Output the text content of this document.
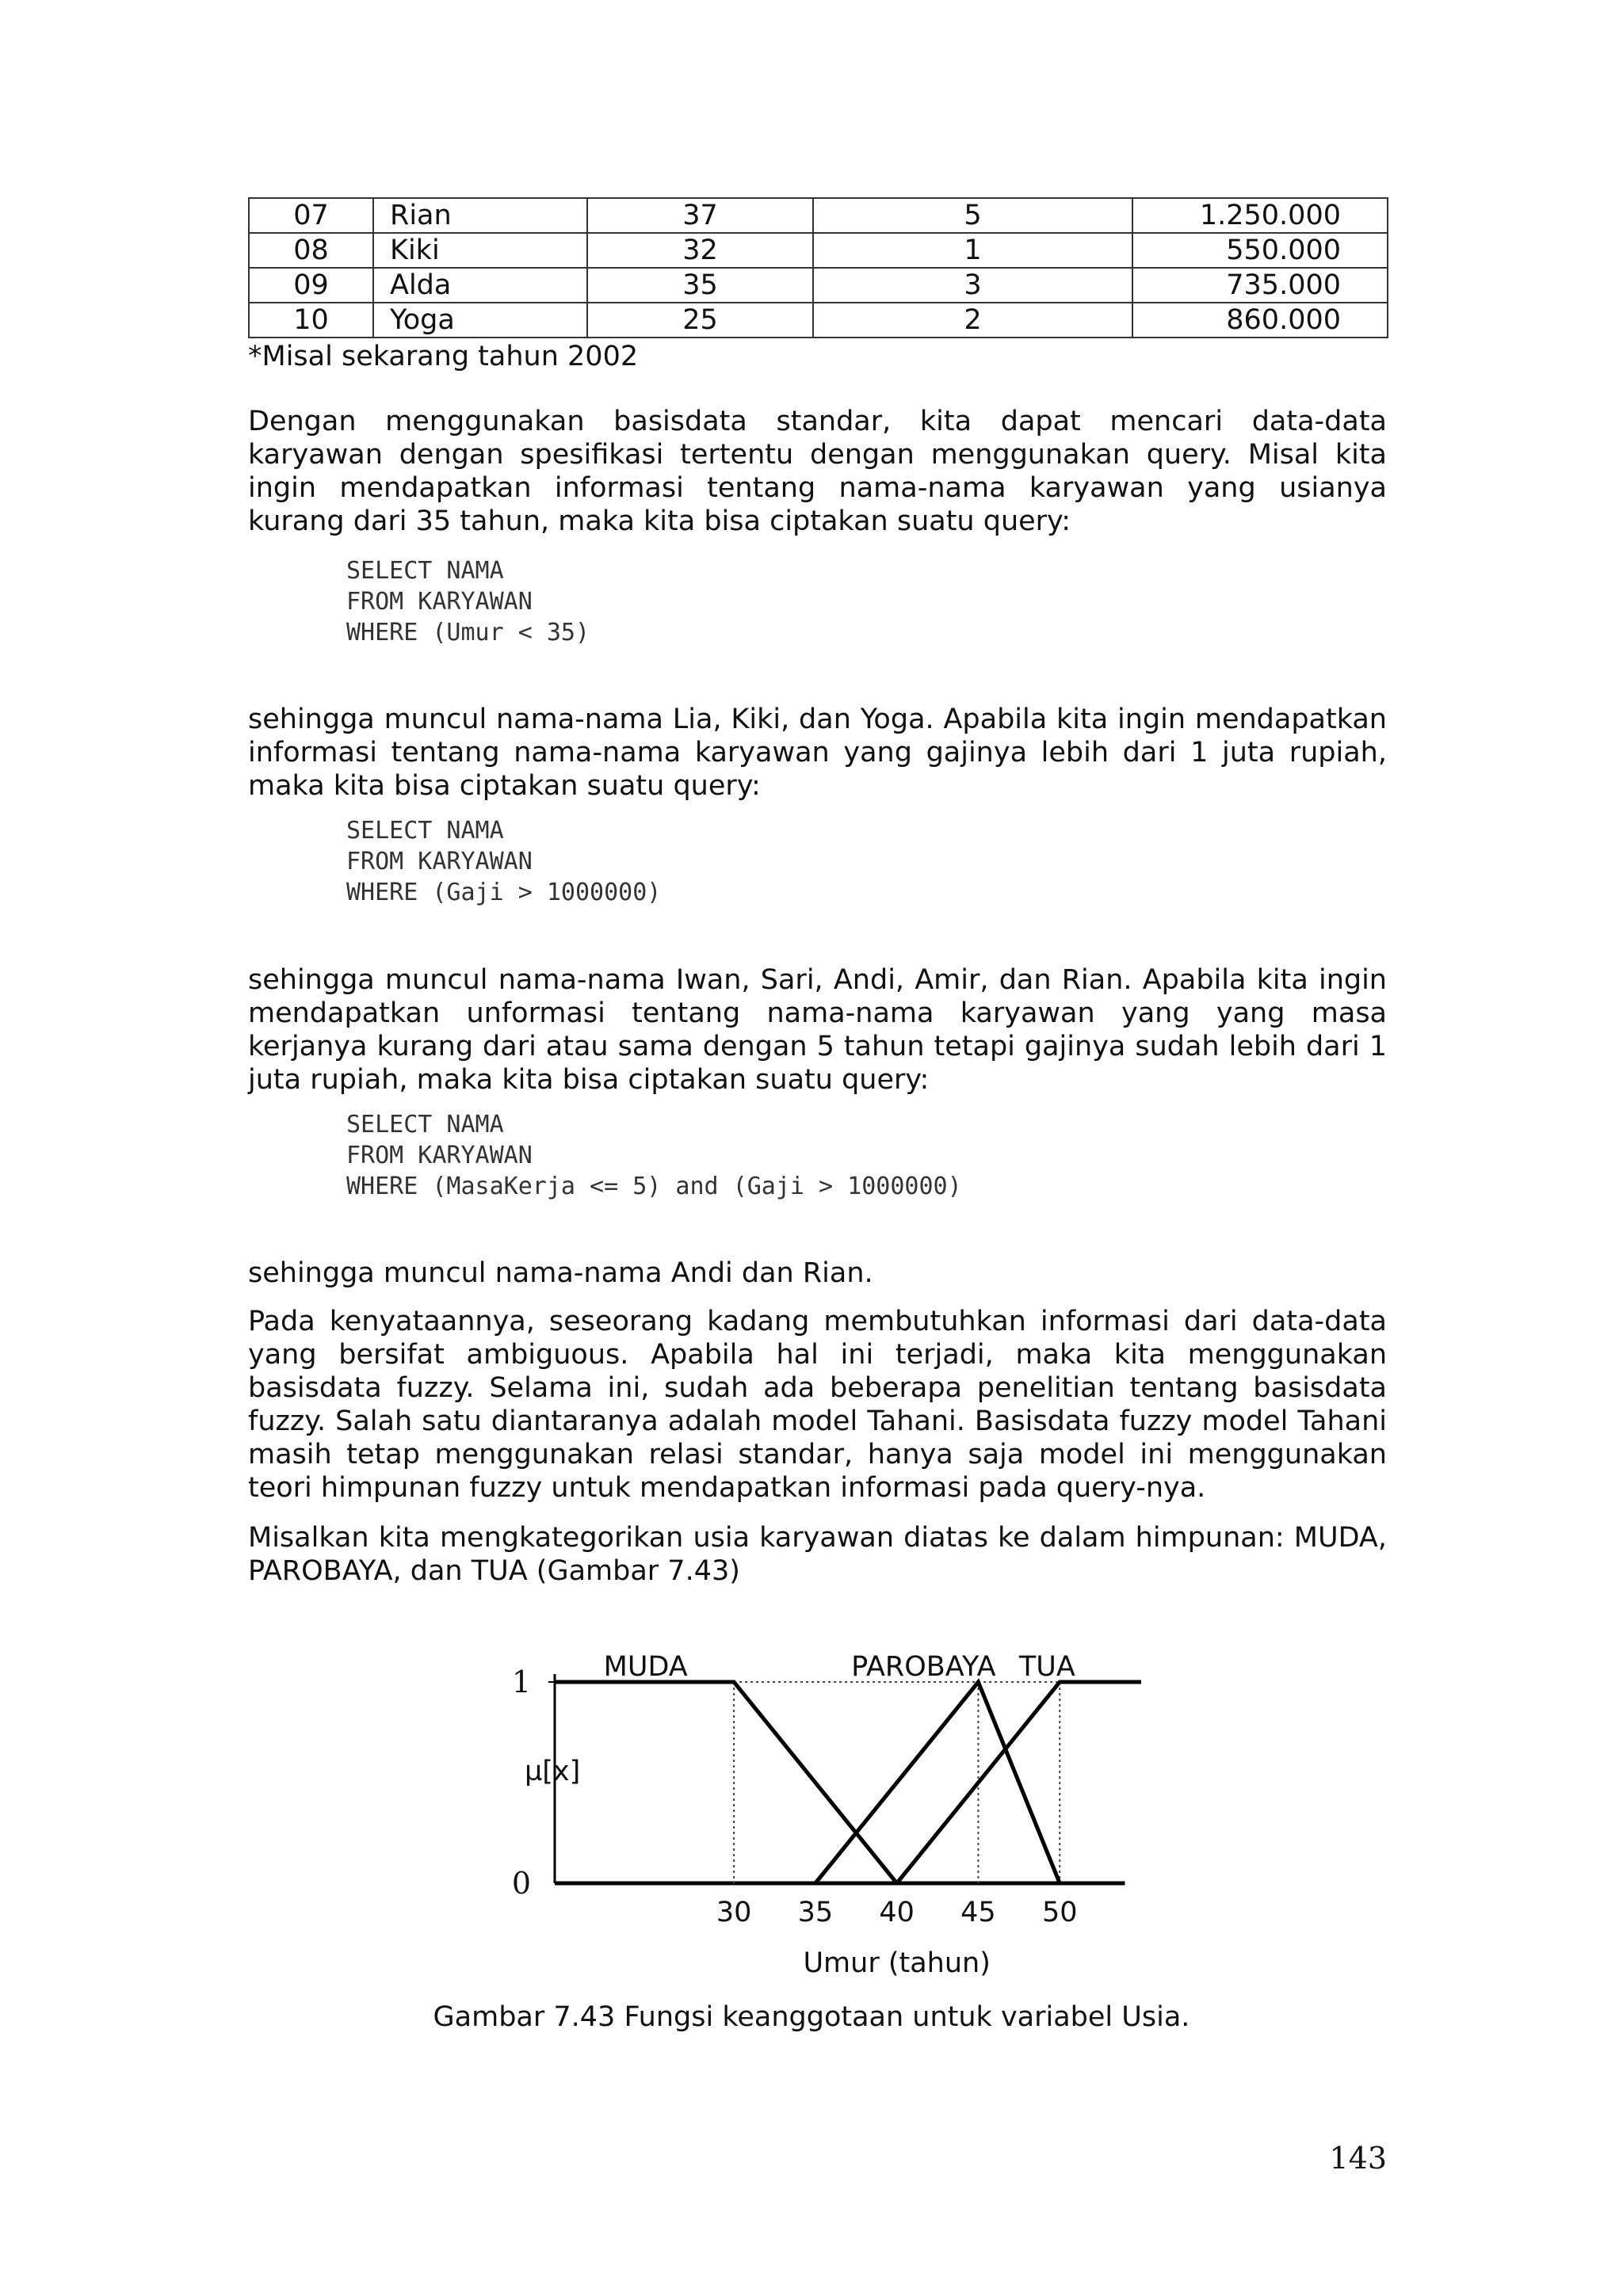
07	Rian	37	5	1.250.000
08	Kiki	32	1	550.000
09	Alda	35	3	735.000
10	Yoga	25	2	860.000

*Misal sekarang tahun 2002

Dengan menggunakan basisdata standar, kita dapat mencari data-data karyawan dengan spesifikasi tertentu dengan menggunakan query. Misal kita ingin mendapatkan informasi tentang nama-nama karyawan yang usianya kurang dari 35 tahun, maka kita bisa ciptakan suatu query:

SELECT NAMA
FROM KARYAWAN
WHERE (Umur < 35)

sehingga muncul nama-nama Lia, Kiki, dan Yoga. Apabila kita ingin mendapatkan informasi tentang nama-nama karyawan yang gajinya lebih dari 1 juta rupiah, maka kita bisa ciptakan suatu query:

SELECT NAMA
FROM KARYAWAN
WHERE (Gaji > 1000000)

sehingga muncul nama-nama Iwan, Sari, Andi, Amir, dan Rian. Apabila kita ingin mendapatkan unformasi tentang nama-nama karyawan yang yang masa kerjanya kurang dari atau sama dengan 5 tahun tetapi gajinya sudah lebih dari 1 juta rupiah, maka kita bisa ciptakan suatu query:

SELECT NAMA
FROM KARYAWAN
WHERE (MasaKerja <= 5) and (Gaji > 1000000)

sehingga muncul nama-nama Andi dan Rian.

Pada kenyataannya, seseorang kadang membutuhkan informasi dari data-data yang bersifat ambiguous. Apabila hal ini terjadi, maka kita menggunakan basisdata fuzzy. Selama ini, sudah ada beberapa penelitian tentang basisdata fuzzy. Salah satu diantaranya adalah model Tahani. Basisdata fuzzy model Tahani masih tetap menggunakan relasi standar, hanya saja model ini menggunakan teori himpunan fuzzy untuk mendapatkan informasi pada query-nya.

Misalkan kita mengkategorikan usia karyawan diatas ke dalam himpunan: MUDA, PAROBAYA, dan TUA (Gambar 7.43)

MUDA	PAROBAYA TUA
0
1
µ[x]
30 35 40 45 50
Umur (tahun)
Gambar 7.43 Fungsi keanggotaan untuk variabel Usia.
143
